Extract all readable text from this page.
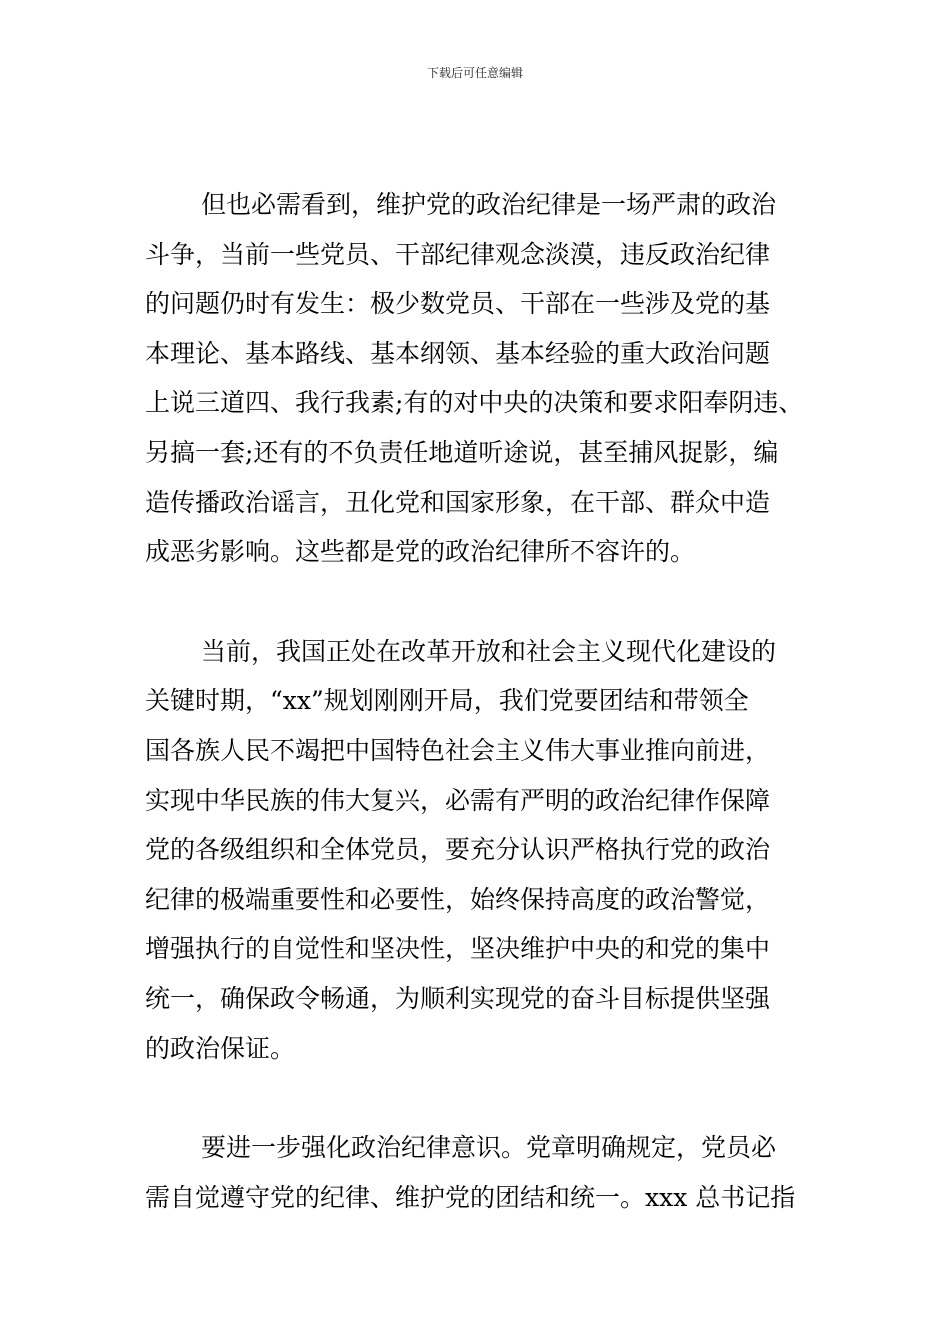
下载后可任意编辑
但也必需看到，维护党的政治纪律是一场严肃的政治
斗争，当前一些党员、干部纪律观念淡漠，违反政治纪律
的问题仍时有发生：极少数党员、干部在一些涉及党的基
本理论、基本路线、基本纲领、基本经验的重大政治问题
上说三道四、我行我素;有的对中央的决策和要求阳奉阴违、
另搞一套;还有的不负责任地道听途说，甚至捕风捉影，编
造传播政治谣言，丑化党和国家形象，在干部、群众中造
成恶劣影响。这些都是党的政治纪律所不容许的。
当前，我国正处在改革开放和社会主义现代化建设的
关键时期，“xx”规划刚刚开局，我们党要团结和带领全
国各族人民不竭把中国特色社会主义伟大事业推向前进，
实现中华民族的伟大复兴，必需有严明的政治纪律作保障
党的各级组织和全体党员，要充分认识严格执行党的政治
纪律的极端重要性和必要性，始终保持高度的政治警觉，
增强执行的自觉性和坚决性，坚决维护中央的和党的集中
统一，确保政令畅通，为顺利实现党的奋斗目标提供坚强
的政治保证。
要进一步强化政治纪律意识。党章明确规定，党员必
需自觉遵守党的纪律、维护党的团结和统一。xxx 总书记指
